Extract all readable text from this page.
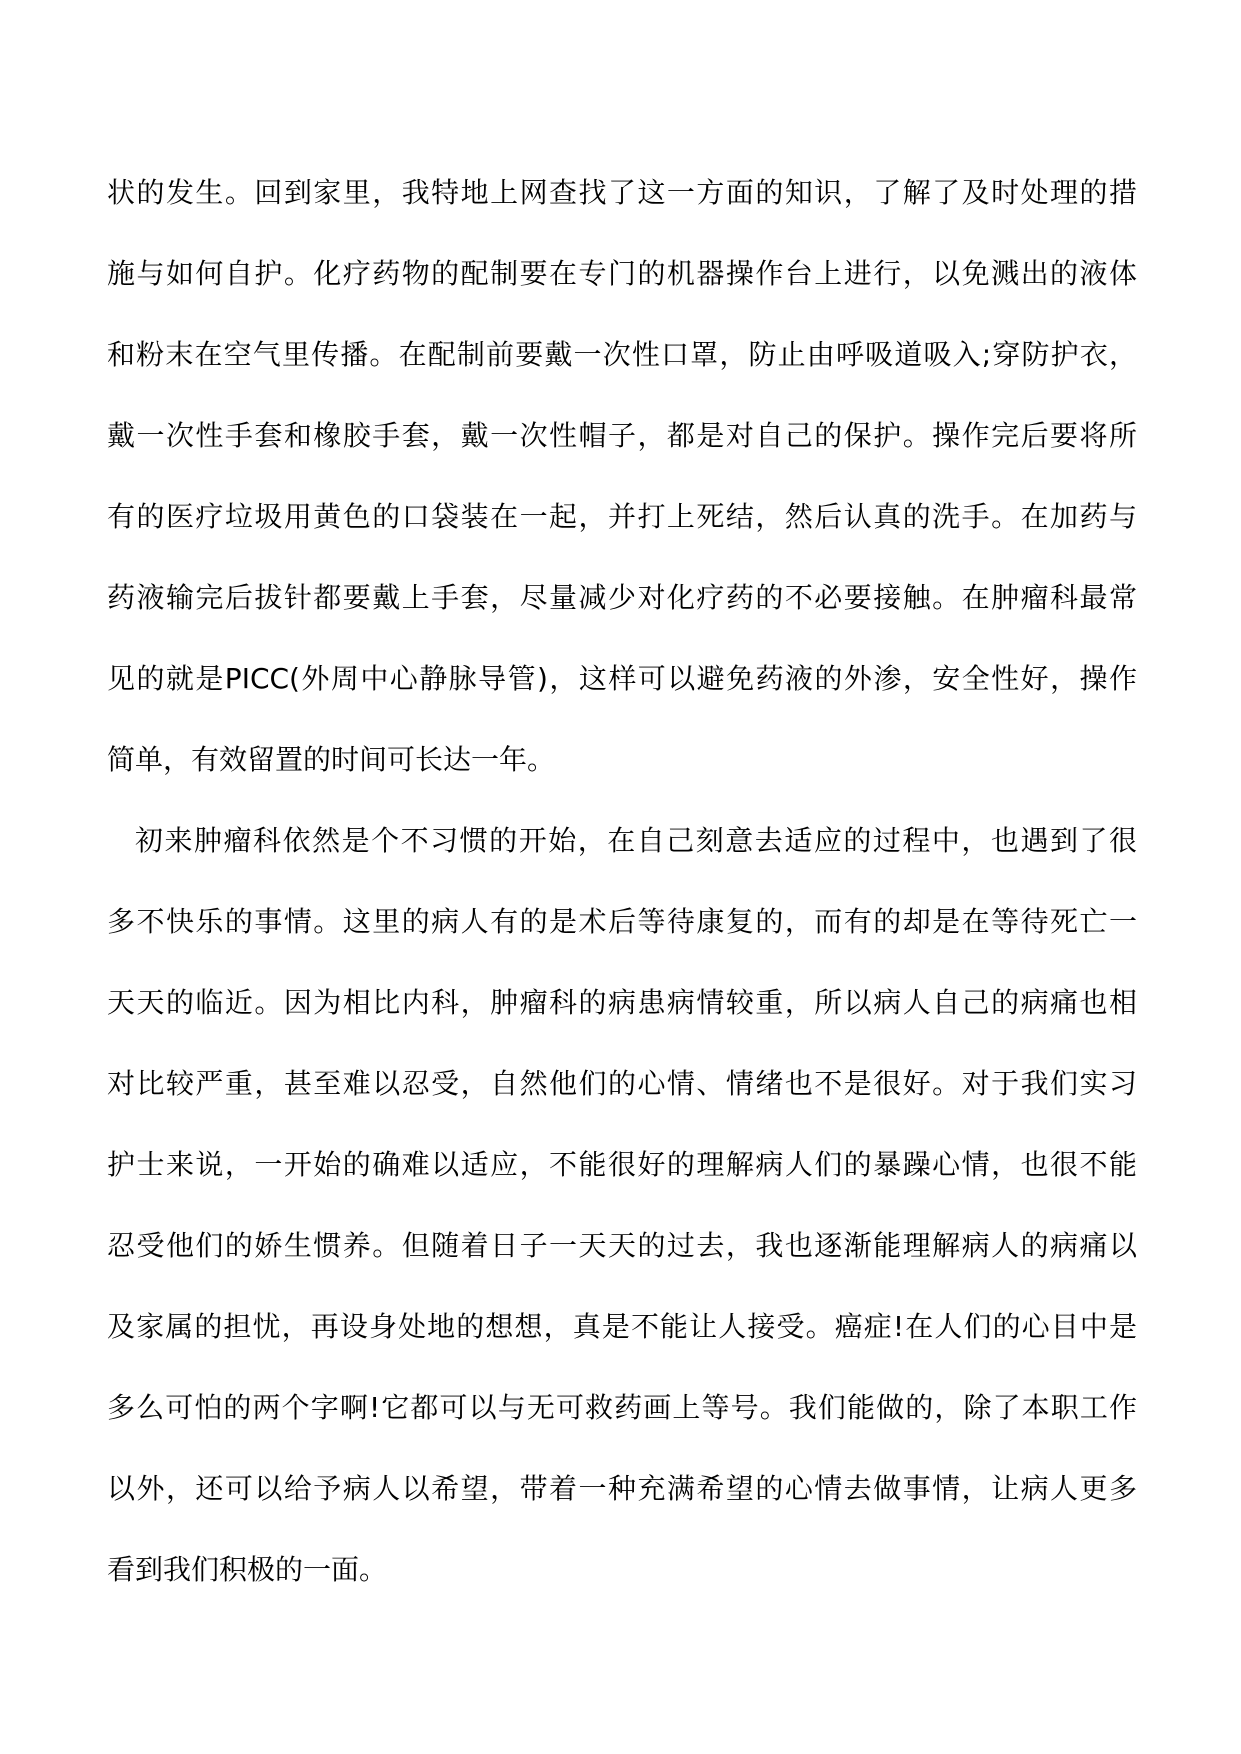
状的发生。回到家里，我特地上网查找了这一方面的知识，了解了及时处理的措
施与如何自护。化疗药物的配制要在专门的机器操作台上进行，以免溅出的液体
和粉末在空气里传播。在配制前要戴一次性口罩，防止由呼吸道吸入;穿防护衣，
戴一次性手套和橡胶手套，戴一次性帽子，都是对自己的保护。操作完后要将所
有的医疗垃圾用黄色的口袋装在一起，并打上死结，然后认真的洗手。在加药与
药液输完后拔针都要戴上手套，尽量减少对化疗药的不必要接触。在肿瘤科最常
见的就是PICC(外周中心静脉导管)，这样可以避免药液的外渗，安全性好，操作
简单，有效留置的时间可长达一年。
初来肿瘤科依然是个不习惯的开始，在自己刻意去适应的过程中，也遇到了很
多不快乐的事情。这里的病人有的是术后等待康复的，而有的却是在等待死亡一
天天的临近。因为相比内科，肿瘤科的病患病情较重，所以病人自己的病痛也相
对比较严重，甚至难以忍受，自然他们的心情、情绪也不是很好。对于我们实习
护士来说，一开始的确难以适应，不能很好的理解病人们的暴躁心情，也很不能
忍受他们的娇生惯养。但随着日子一天天的过去，我也逐渐能理解病人的病痛以
及家属的担忧，再设身处地的想想，真是不能让人接受。癌症!在人们的心目中是
多么可怕的两个字啊!它都可以与无可救药画上等号。我们能做的，除了本职工作
以外，还可以给予病人以希望，带着一种充满希望的心情去做事情，让病人更多
看到我们积极的一面。
